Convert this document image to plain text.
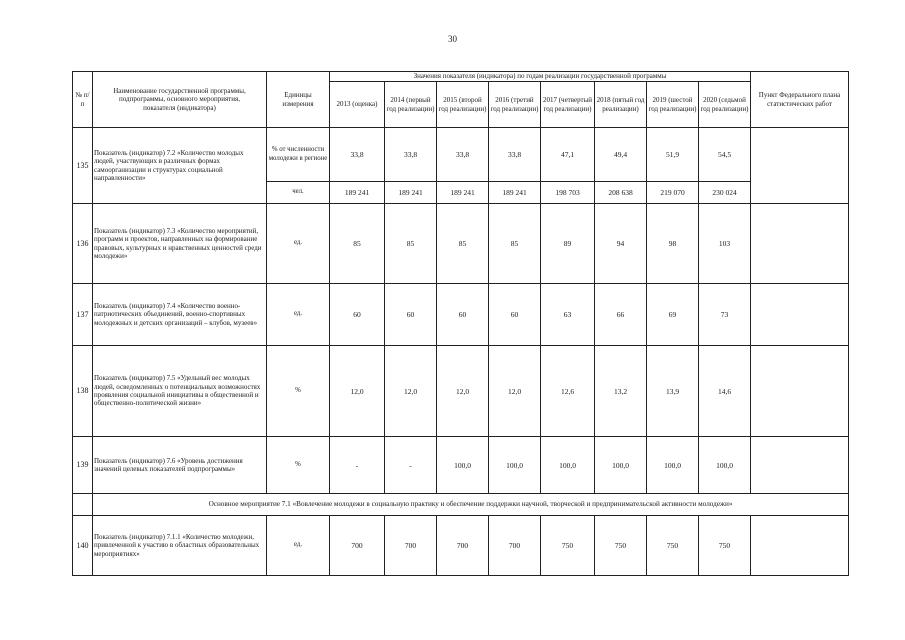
30
№ п/п	Наименование государственной программы, подпрограммы, основного мероприятия, показателя (индикатора)	Единицы измерения	Значения показателя (индикатора) по годам реализации государственной программы								Пункт Федерального плана статистических работ
			2013 (оценка)	2014 (первый год реализации)	2015 (второй год реализации)	2016 (третий год реализации)	2017 (четвертый год реализации)	2018 (пятый год реализации)	2019 (шестой год реализации)	2020 (седьмой год реализации)	
135	Показатель (индикатор) 7.2 «Количество молодых людей, участвующих в различных формах самоорганизации и структурах социальной направленности»	% от численности молодежи в регионе	33,8	33,8	33,8	33,8	47,1	49,4	51,9	54,5	
		чел.	189 241	189 241	189 241	189 241	198 703	208 638	219 070	230 024	
136	Показатель (индикатор) 7.3 «Количество мероприятий, программ и проектов, направленных на формирование правовых, культурных и нравственных ценностей среди молодежи»	ед.	85	85	85	85	89	94	98	103	
137	Показатель (индикатор) 7.4 «Количество военно-патриотических объединений, военно-спортивных молодежных и детских организаций – клубов, музеев»	ед.	60	60	60	60	63	66	69	73	
138	Показатель (индикатор) 7.5 «Удельный вес молодых людей, осведомленных о потенциальных возможностях проявления социальной инициативы в общественной и общественно-политической жизни»	%	12,0	12,0	12,0	12,0	12,6	13,2	13,9	14,6	
139	Показатель (индикатор) 7.6 «Уровень достижения значений целевых показателей подпрограммы»	%	-	-	100,0	100,0	100,0	100,0	100,0	100,0	
	Основное мероприятие 7.1 «Вовлечение молодежи в социальную практику и обеспечение поддержки научной, творческой и предпринимательской активности молодежи»										
140	Показатель (индикатор) 7.1.1 «Количество молодежи, привлеченной к участию в областных образовательных мероприятиях»	ед.	700	700	700	700	750	750	750	750	
